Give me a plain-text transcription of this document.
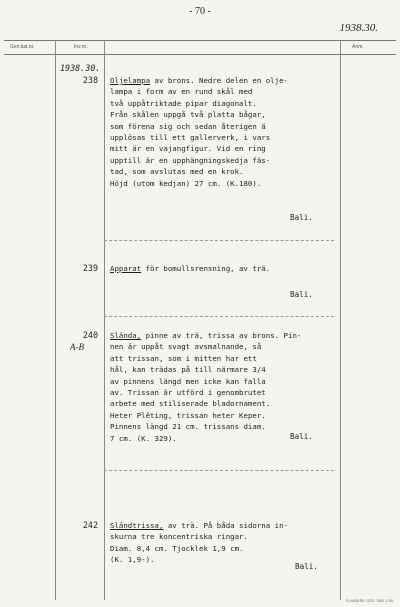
- 70 -
1938.30.
Gen.kat.nr.	Inv.nr.	Anm.
1938.30.
238 Oljelampa av brons. Nedre delen en olje-
lampa i form av en rund skål med
två uppåtriktade pipar diagonalt.
Från skålen uppgå två platta bågar,
som förena sig och sedan återigen ä
upplösas till ett gallerverk, i vars
mitt är en vajangfigur. Vid en ring
upptill är en upphängningskedja fäs-
tad, som avslutas med en krok.
Höjd (utom kedjan) 27 cm. (K.180).
Bali.
239 Apparat för bomullsrensning, av trä.
Bali.
240
A-B
Slända, pinne av trä, trissa av brons. Pin-
nen är uppåt svagt avsmalnande, så
att trissan, som i mitten har ett
hål, kan trädas på till närmare 3/4
av pinnens längd men icke kan falla
av. Trissan är utförd i genombrutet
arbete med stiliserade bladornament.
Heter Plêting, trissan heter Keper.
Pinnens längd 21 cm. trissans diam.
7 cm. (K. 329).	Bali.
242 Sländtrissa, av trä. På båda sidorna in-
skurna tre koncentriska ringar.
Diam. 8,4 cm. Tjocklek 1,9 cm.
(K. 1,9-).
Bali.
FLANDERS. GÖG. 7890. 3. 85.
